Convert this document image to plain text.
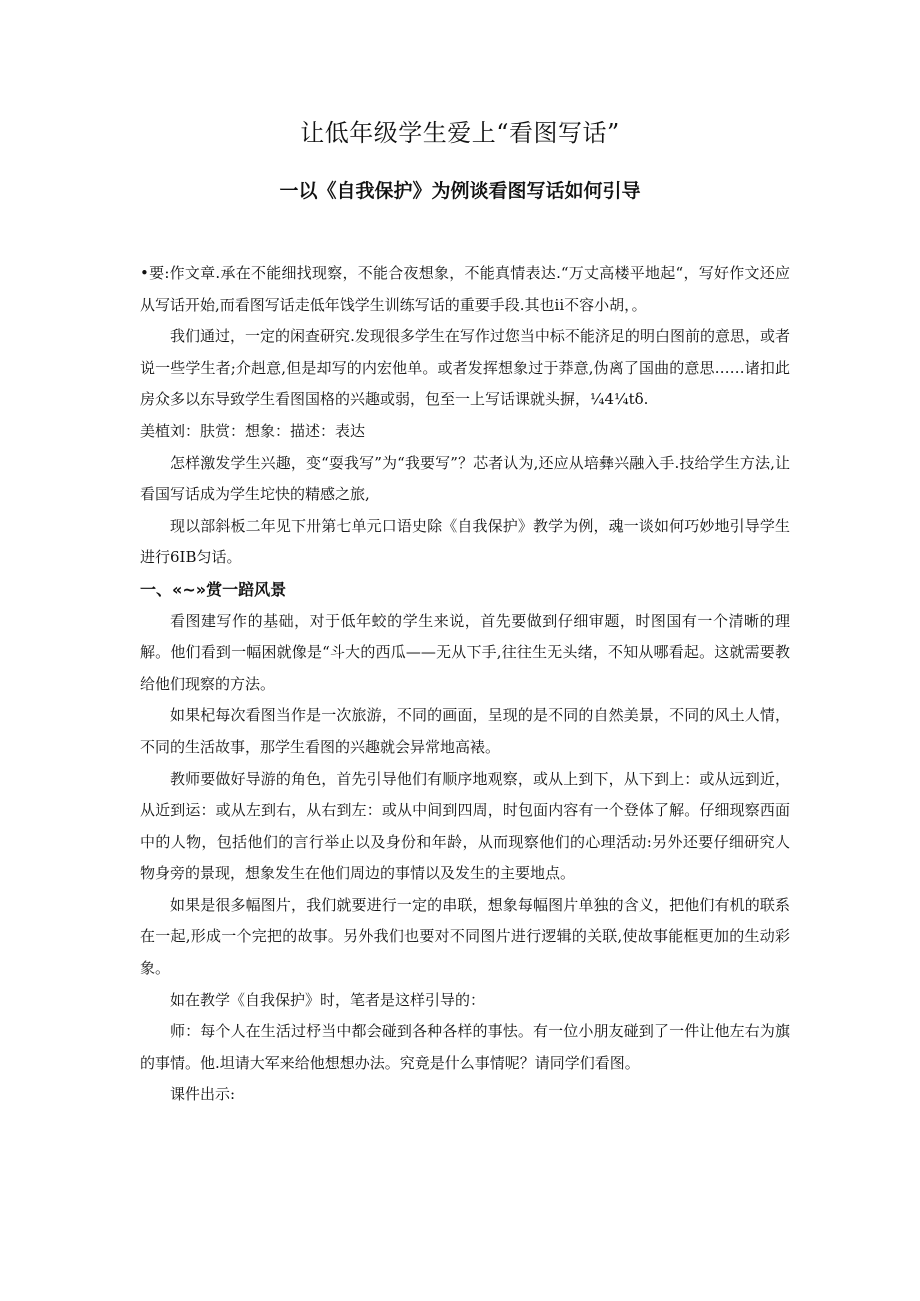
让低年级学生爱上“看图写话”
一以《自我保护》为例谈看图写话如何引导

•要:作文章.承在不能细找现察，不能合夜想象，不能真情表达.“万丈高楼平地起“，写好作文还应从写话开始,而看图写话走低年饯学生训练写话的重要手段.其也ii不容小胡，。

我们通过，一定的闲查研究.发现很多学生在写作过您当中标不能济足的明白图前的意思，或者说一些学生者;介赳意,但是却写的内宏他单。或者发挥想象过于莽意,伪离了国曲的意思……诸扣此房众多以东导致学生看图国格的兴趣或弱，包至一上写话课就头摒，¼4¼tδ.

美植刘：肤赏：想象：描述：表达

怎样激发学生兴趣，变“耍我写”为“我要写”？芯者认为,还应从培彝兴融入手.技给学生方法,让看国写话成为学生坨快的精感之旅,

现以部斜板二年见下卅第七单元口语史除《自我保护》教学为例，魂一谈如何巧妙地引导学生进行6IB匀话。

一、«~»赏一踣风景

看图建写作的基础，对于低年蛟的学生来说，首先要做到仔细审题，时图国有一个清晰的理解。他们看到一幅困就像是“斗大的西瓜——无从下手,往往生无头绪，不知从哪看起。这就需要教给他们现察的方法。

如果杞每次看图当作是一次旅游，不同的画面，呈现的是不同的自然美景，不同的风土人情，不同的生活故事，那学生看图的兴趣就会异常地高裱。

教师要做好导游的角色，首先引导他们有顺序地观察，或从上到下，从下到上：或从远到近，从近到运：或从左到右，从右到左：或从中间到四周，时包面内容有一个登体了解。仔细现察西面中的人物，包括他们的言行举止以及身份和年龄，从而现察他们的心理活动:另外还要仔细研究人物身旁的景现，想象发生在他们周边的事情以及发生的主要地点。

如果是很多幅图片，我们就要进行一定的串联，想象每幅图片单独的含义，把他们有机的联系在一起,形成一个完把的故事。另外我们也要对不同图片进行逻辑的关联,使故事能框更加的生动彩象。

如在教学《自我保护》时，笔者是这样引导的：

师：每个人在生活过杼当中都会碰到各种各样的事怯。有一位小朋友碰到了一件让他左右为旗的事情。他.坦请大军来给他想想办法。究竟是什么事情呢？请同学们看图。

课件出示:
